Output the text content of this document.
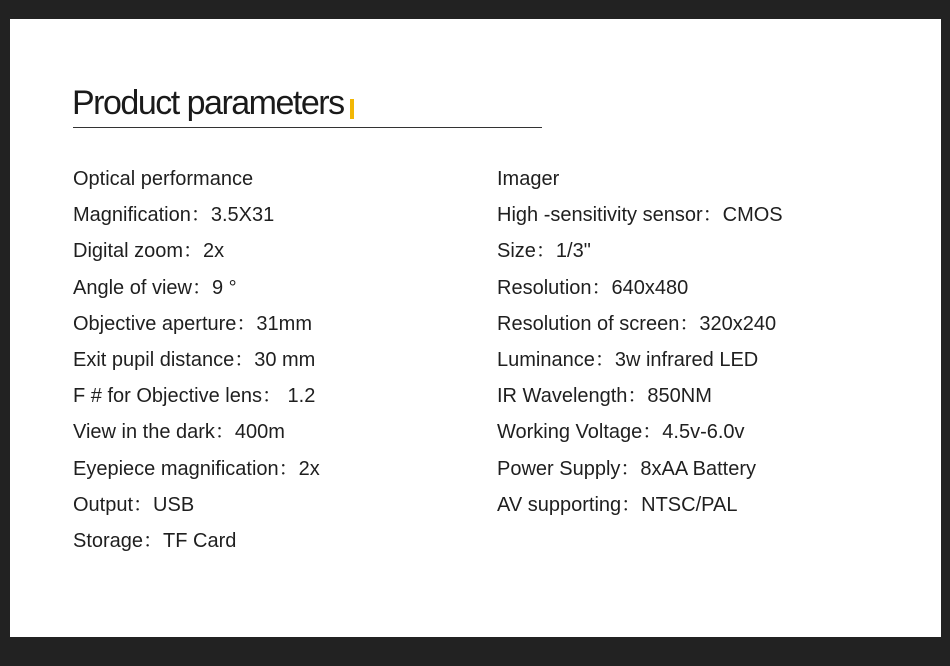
Product parameters
Optical performance
Magnification：3.5X31
Digital zoom：2x
Angle of view：9 °
Objective aperture：31mm
Exit pupil distance：30 mm
F # for Objective lens： 1.2
View in the dark：400m
Eyepiece magnification：2x
Output：USB
Storage：TF Card
Imager
High -sensitivity sensor：CMOS
Size：1/3"
Resolution：640x480
Resolution of screen：320x240
Luminance：3w infrared LED
IR Wavelength：850NM
Working Voltage：4.5v-6.0v
Power Supply：8xAA Battery
AV supporting：NTSC/PAL
